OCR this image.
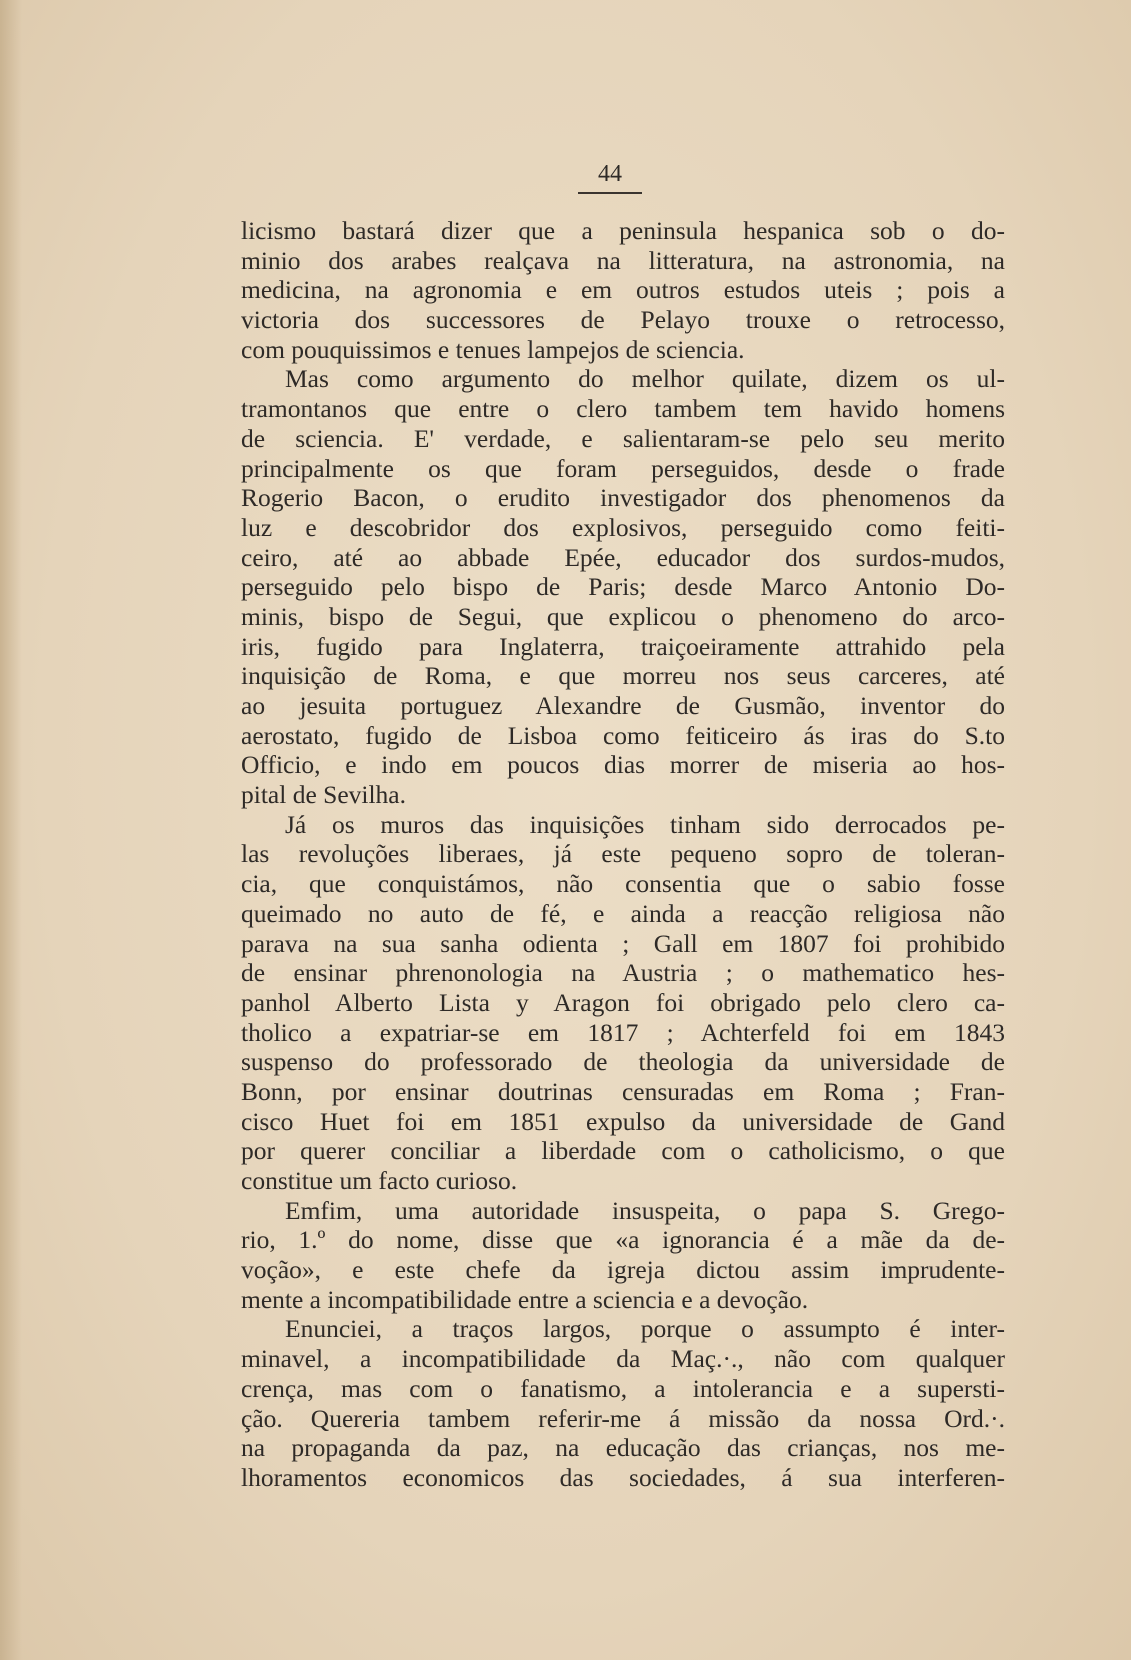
44
licismo bastará dizer que a peninsula hespanica sob o do-
minio dos arabes realçava na litteratura, na astronomia, na
medicina, na agronomia e em outros estudos uteis ; pois a
victoria dos successores de Pelayo trouxe o retrocesso,
com pouquissimos e tenues lampejos de sciencia.
Mas como argumento do melhor quilate, dizem os ul-
tramontanos que entre o clero tambem tem havido homens
de sciencia. E' verdade, e salientaram-se pelo seu merito
principalmente os que foram perseguidos, desde o frade
Rogerio Bacon, o erudito investigador dos phenomenos da
luz e descobridor dos explosivos, perseguido como feiti-
ceiro, até ao abbade Epée, educador dos surdos-mudos,
perseguido pelo bispo de Paris; desde Marco Antonio Do-
minis, bispo de Segui, que explicou o phenomeno do arco-
iris, fugido para Inglaterra, traiçoeiramente attrahido pela
inquisição de Roma, e que morreu nos seus carceres, até
ao jesuita portuguez Alexandre de Gusmão, inventor do
aerostato, fugido de Lisboa como feiticeiro ás iras do S.to
Officio, e indo em poucos dias morrer de miseria ao hos-
pital de Sevilha.
Já os muros das inquisições tinham sido derrocados pe-
las revoluções liberaes, já este pequeno sopro de toleran-
cia, que conquistámos, não consentia que o sabio fosse
queimado no auto de fé, e ainda a reacção religiosa não
parava na sua sanha odienta ; Gall em 1807 foi prohibido
de ensinar phrenonologia na Austria ; o mathematico hes-
panhol Alberto Lista y Aragon foi obrigado pelo clero ca-
tholico a expatriar-se em 1817 ; Achterfeld foi em 1843
suspenso do professorado de theologia da universidade de
Bonn, por ensinar doutrinas censuradas em Roma ; Fran-
cisco Huet foi em 1851 expulso da universidade de Gand
por querer conciliar a liberdade com o catholicismo, o que
constitue um facto curioso.
Emfim, uma autoridade insuspeita, o papa S. Grego-
rio, 1.º do nome, disse que «a ignorancia é a mãe da de-
voção», e este chefe da igreja dictou assim imprudente-
mente a incompatibilidade entre a sciencia e a devoção.
Enunciei, a traços largos, porque o assumpto é inter-
minavel, a incompatibilidade da Maç.·., não com qualquer
crença, mas com o fanatismo, a intolerancia e a supersti-
ção. Quereria tambem referir-me á missão da nossa Ord.·.
na propaganda da paz, na educação das crianças, nos me-
lhoramentos economicos das sociedades, á sua interferen-
